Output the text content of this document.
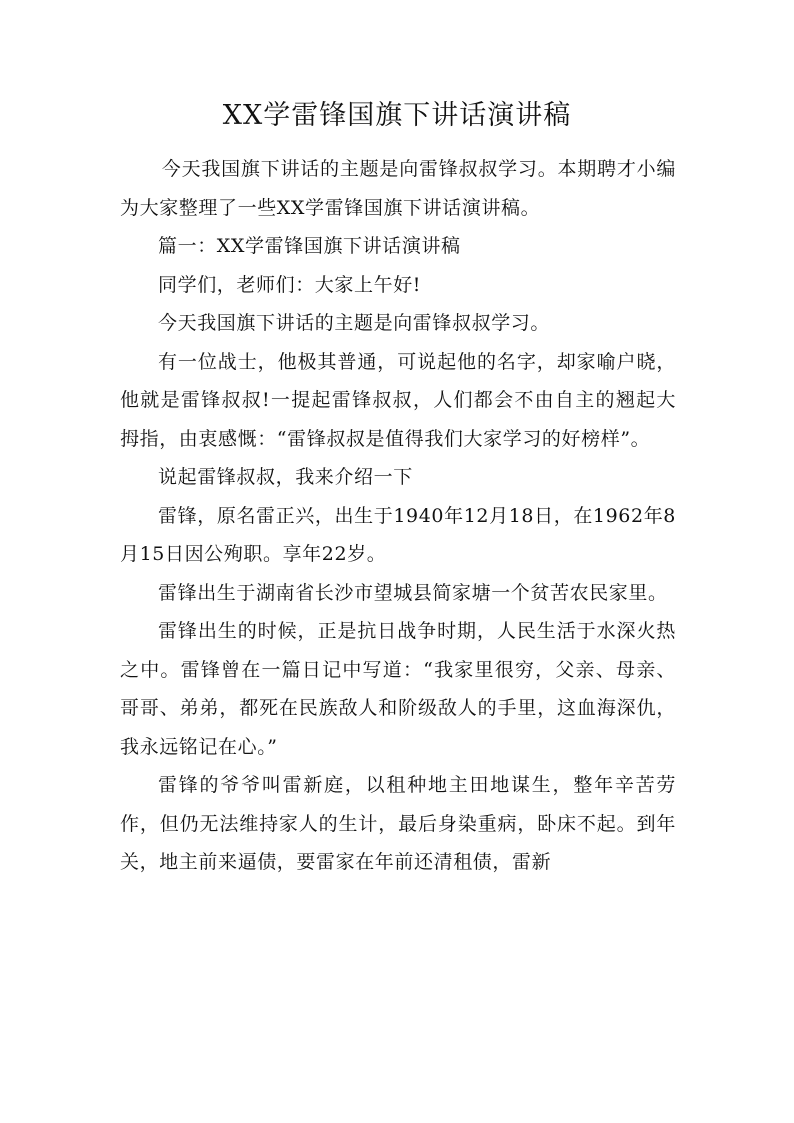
XX学雷锋国旗下讲话演讲稿

今天我国旗下讲话的主题是向雷锋叔叔学习。本期聘才小编为大家整理了一些XX学雷锋国旗下讲话演讲稿。

篇一：XX学雷锋国旗下讲话演讲稿

同学们，老师们：大家上午好!

今天我国旗下讲话的主题是向雷锋叔叔学习。

有一位战士，他极其普通，可说起他的名字，却家喻户晓，他就是雷锋叔叔!一提起雷锋叔叔，人们都会不由自主的翘起大拇指，由衷感慨：“雷锋叔叔是值得我们大家学习的好榜样”。

说起雷锋叔叔，我来介绍一下

雷锋，原名雷正兴，出生于1940年12月18日，在1962年8月15日因公殉职。享年22岁。

雷锋出生于湖南省长沙市望城县简家塘一个贫苦农民家里。

雷锋出生的时候，正是抗日战争时期，人民生活于水深火热之中。雷锋曾在一篇日记中写道：“我家里很穷，父亲、母亲、哥哥、弟弟，都死在民族敌人和阶级敌人的手里，这血海深仇，我永远铭记在心。”

雷锋的爷爷叫雷新庭，以租种地主田地谋生，整年辛苦劳作，但仍无法维持家人的生计，最后身染重病，卧床不起。到年关，地主前来逼债，要雷家在年前还清租债，雷新
